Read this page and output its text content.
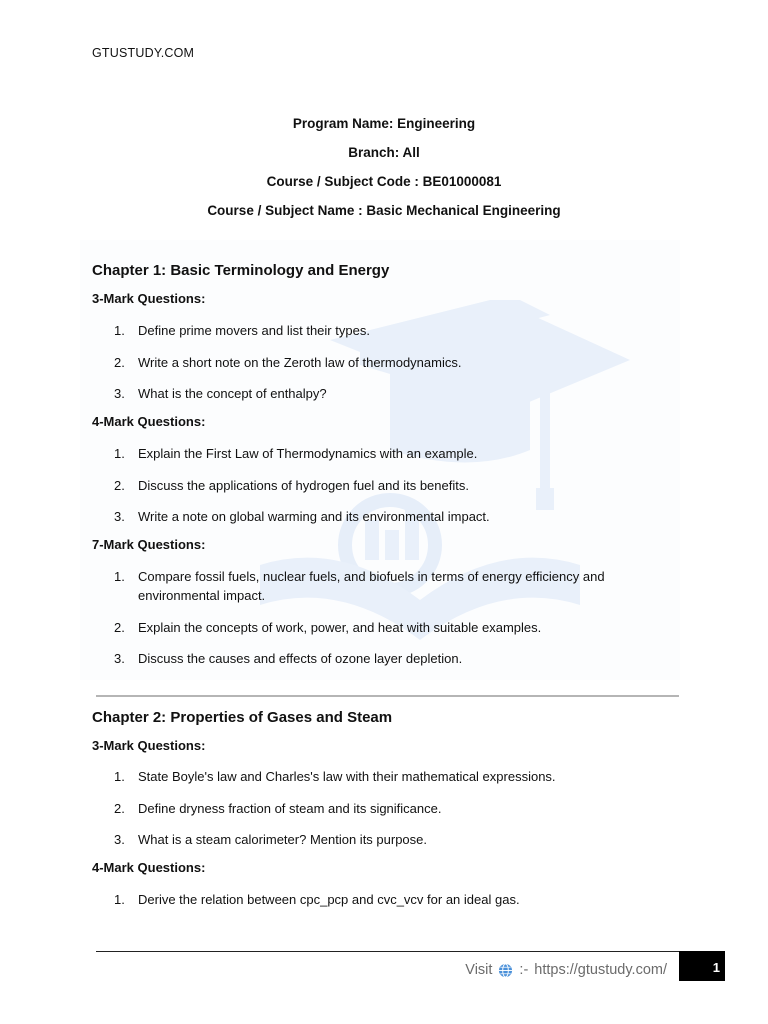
GTUSTUDY.COM
Program Name: Engineering
Branch: All
Course / Subject Code : BE01000081
Course / Subject Name : Basic Mechanical Engineering
Chapter 1: Basic Terminology and Energy
3-Mark Questions:
1. Define prime movers and list their types.
2. Write a short note on the Zeroth law of thermodynamics.
3. What is the concept of enthalpy?
4-Mark Questions:
1. Explain the First Law of Thermodynamics with an example.
2. Discuss the applications of hydrogen fuel and its benefits.
3. Write a note on global warming and its environmental impact.
7-Mark Questions:
1. Compare fossil fuels, nuclear fuels, and biofuels in terms of energy efficiency and environmental impact.
2. Explain the concepts of work, power, and heat with suitable examples.
3. Discuss the causes and effects of ozone layer depletion.
Chapter 2: Properties of Gases and Steam
3-Mark Questions:
1. State Boyle's law and Charles's law with their mathematical expressions.
2. Define dryness fraction of steam and its significance.
3. What is a steam calorimeter? Mention its purpose.
4-Mark Questions:
1. Derive the relation between cpc_pcp and cvc_vcv for an ideal gas.
Visit :- https://gtustudy.com/	1
